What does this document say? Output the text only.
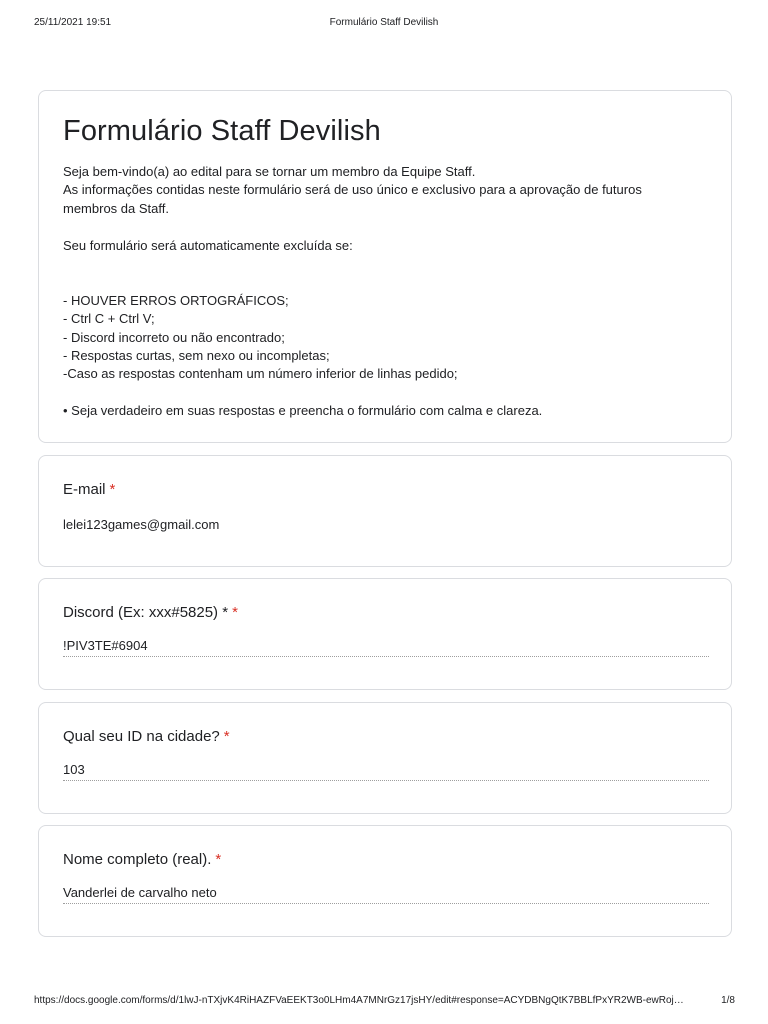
25/11/2021 19:51	Formulário Staff Devilish
Formulário Staff Devilish
Seja bem-vindo(a) ao edital para se tornar um membro da Equipe Staff.
As informações contidas neste formulário será de uso único e exclusivo para a aprovação de futuros
membros da Staff.
Seu formulário será automaticamente excluída se:
- HOUVER ERROS ORTOGRÁFICOS;
- Ctrl C + Ctrl V;
- Discord incorreto ou não encontrado;
- Respostas curtas, sem nexo ou incompletas;
-Caso as respostas contenham um número inferior de linhas pedido;
• Seja verdadeiro em suas respostas e preencha o formulário com calma e clareza.
E-mail *
lelei123games@gmail.com
Discord (Ex: xxx#5825) * *
!PIV3TE#6904
Qual seu ID na cidade? *
103
Nome completo (real). *
Vanderlei de carvalho neto
https://docs.google.com/forms/d/1lwJ-nTXjvK4RiHAZFVaEEKT3o0LHm4A7MNrGz17jsHY/edit#response=ACYDBNgQtK7BBLfPxYR2WB-ewRoj…	1/8
